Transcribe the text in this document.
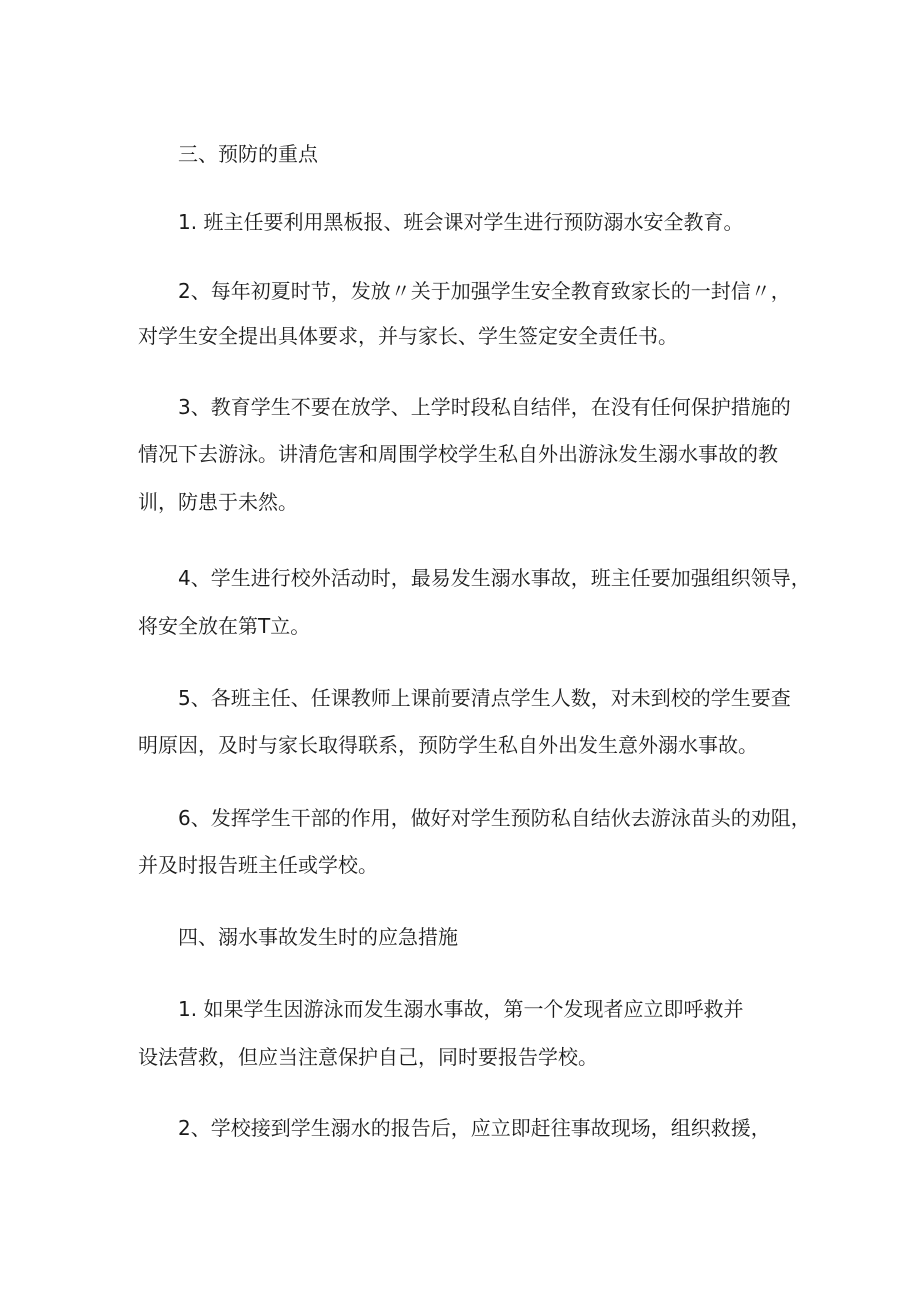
三、预防的重点
1. 班主任要利用黑板报、班会课对学生进行预防溺水安全教育。
2、每年初夏时节，发放〃关于加强学生安全教育致家长的一封信〃，
对学生安全提出具体要求，并与家长、学生签定安全责任书。
3、教育学生不要在放学、上学时段私自结伴，在没有任何保护措施的
情况下去游泳。讲清危害和周围学校学生私自外出游泳发生溺水事故的教
训，防患于未然。
4、学生进行校外活动时，最易发生溺水事故，班主任要加强组织领导，
将安全放在第T立。
5、各班主任、任课教师上课前要清点学生人数，对未到校的学生要查
明原因，及时与家长取得联系，预防学生私自外出发生意外溺水事故。
6、发挥学生干部的作用，做好对学生预防私自结伙去游泳苗头的劝阻，
并及时报告班主任或学校。
四、溺水事故发生时的应急措施
1. 如果学生因游泳而发生溺水事故，第一个发现者应立即呼救并
设法营救，但应当注意保护自己，同时要报告学校。
2、学校接到学生溺水的报告后，应立即赶往事故现场，组织救援，
